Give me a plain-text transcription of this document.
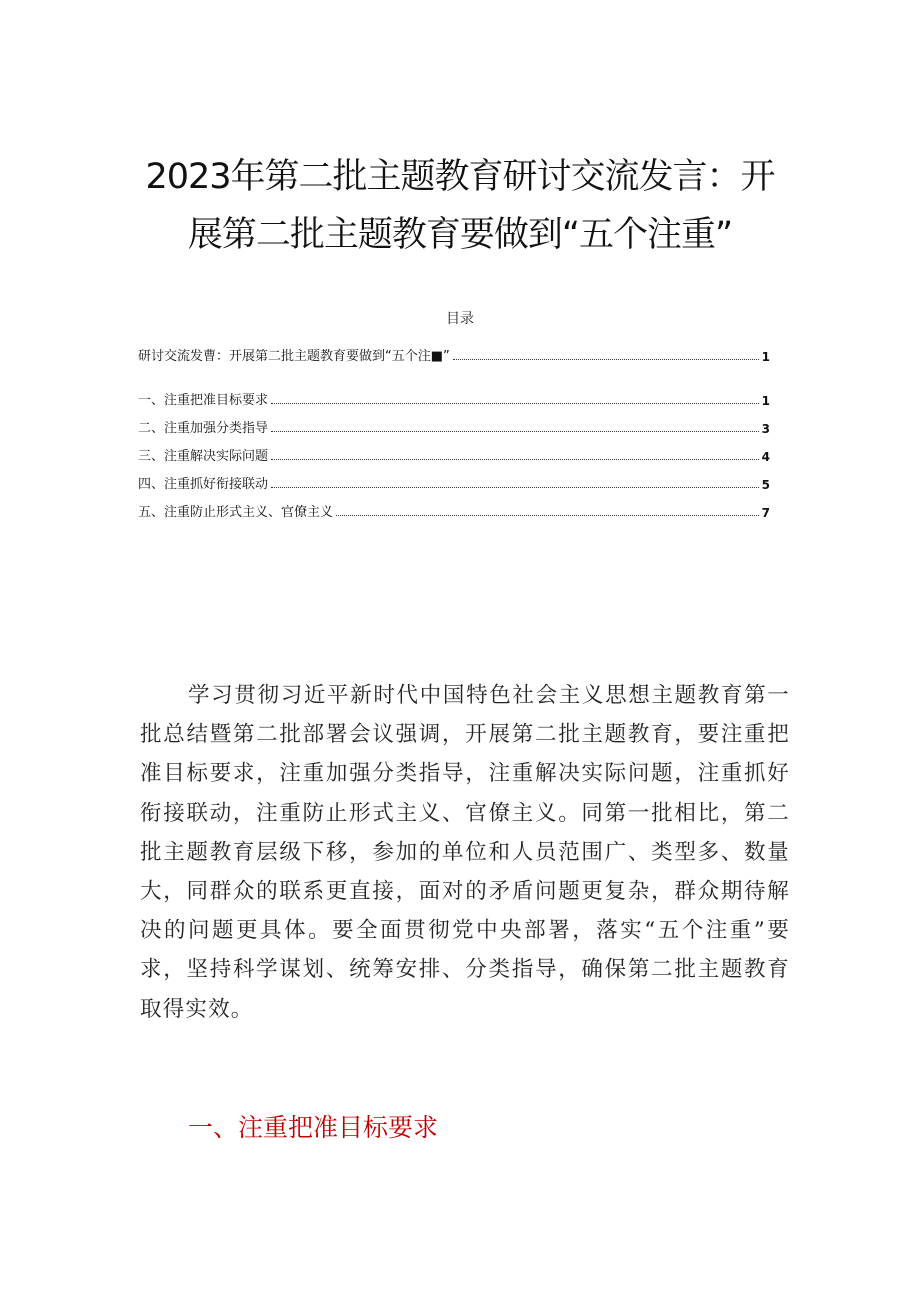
2023年第二批主题教育研讨交流发言：开
展第二批主题教育要做到“五个注重”
目录
研讨交流发曹：开展第二批主题教育要做到“五个注■”	1
一、注重把准目标要求	1
二、注重加强分类指导	3
三、注重解决实际问题	4
四、注重抓好衔接联动	5
五、注重防止形式主义、官僚主义	7

学习贯彻习近平新时代中国特色社会主义思想主题教育第一批总结暨第二批部署会议强调，开展第二批主题教育，要注重把准目标要求，注重加强分类指导，注重解决实际问题，注重抓好衔接联动，注重防止形式主义、官僚主义。同第一批相比，第二批主题教育层级下移，参加的单位和人员范围广、类型多、数量大，同群众的联系更直接，面对的矛盾问题更复杂，群众期待解决的问题更具体。要全面贯彻党中央部署，落实“五个注重”要求，坚持科学谋划、统筹安排、分类指导，确保第二批主题教育取得实效。

一、注重把准目标要求
